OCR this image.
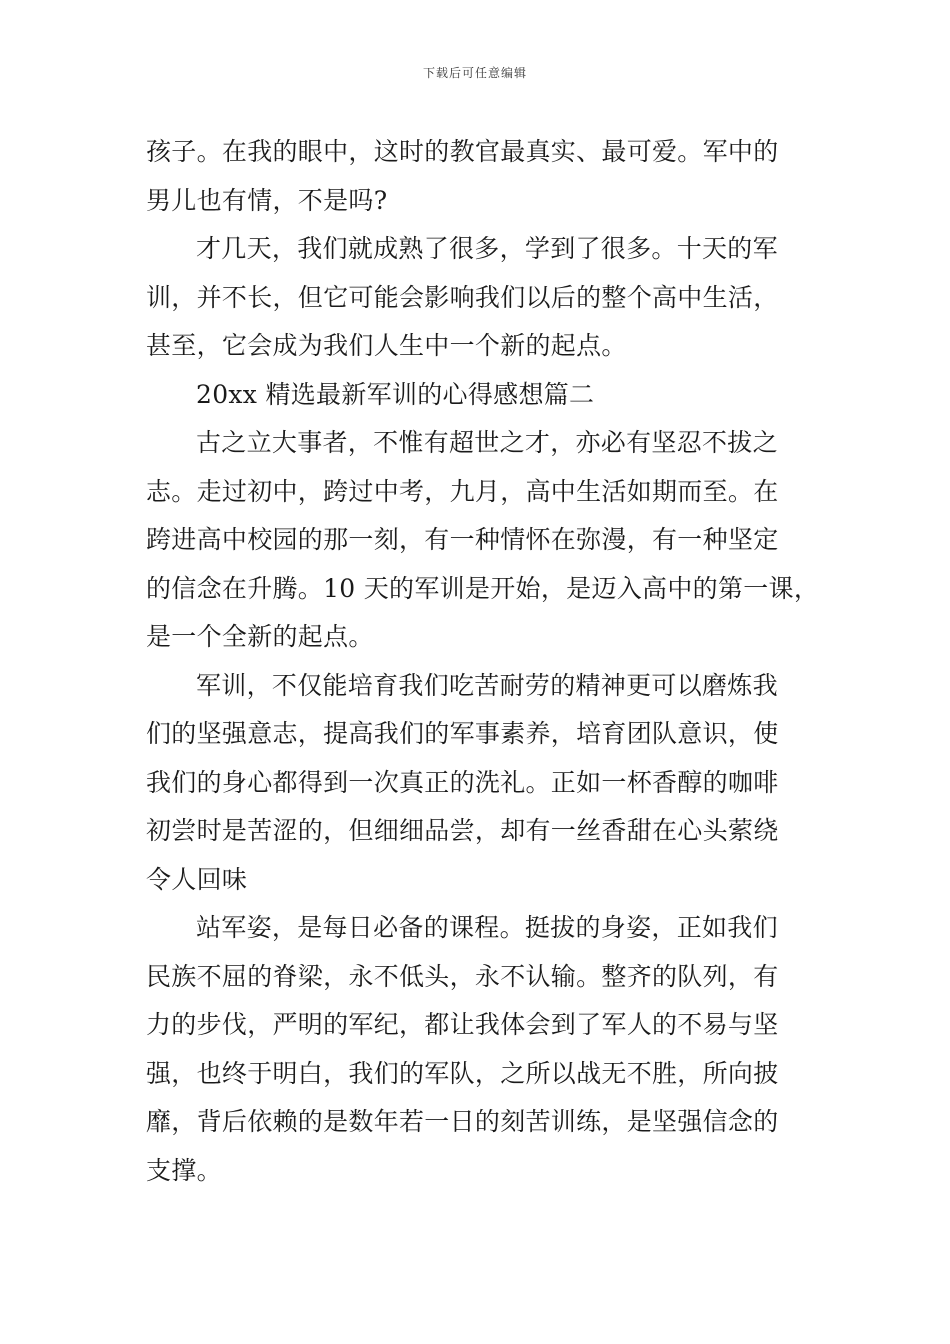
下载后可任意编辑
孩子。在我的眼中，这时的教官最真实、最可爱。军中的
男儿也有情，不是吗?
才几天，我们就成熟了很多，学到了很多。十天的军
训，并不长，但它可能会影响我们以后的整个高中生活，
甚至，它会成为我们人生中一个新的起点。
20xx 精选最新军训的心得感想篇二
古之立大事者，不惟有超世之才，亦必有坚忍不拔之
志。走过初中，跨过中考，九月，高中生活如期而至。在
跨进高中校园的那一刻，有一种情怀在弥漫，有一种坚定
的信念在升腾。10 天的军训是开始，是迈入高中的第一课，
是一个全新的起点。
军训，不仅能培育我们吃苦耐劳的精神更可以磨炼我
们的坚强意志，提高我们的军事素养，培育团队意识，使
我们的身心都得到一次真正的洗礼。正如一杯香醇的咖啡
初尝时是苦涩的，但细细品尝，却有一丝香甜在心头萦绕
令人回味
站军姿，是每日必备的课程。挺拔的身姿，正如我们
民族不屈的脊梁，永不低头，永不认输。整齐的队列，有
力的步伐，严明的军纪，都让我体会到了军人的不易与坚
强，也终于明白，我们的军队，之所以战无不胜，所向披
靡，背后依赖的是数年若一日的刻苦训练，是坚强信念的
支撑。
